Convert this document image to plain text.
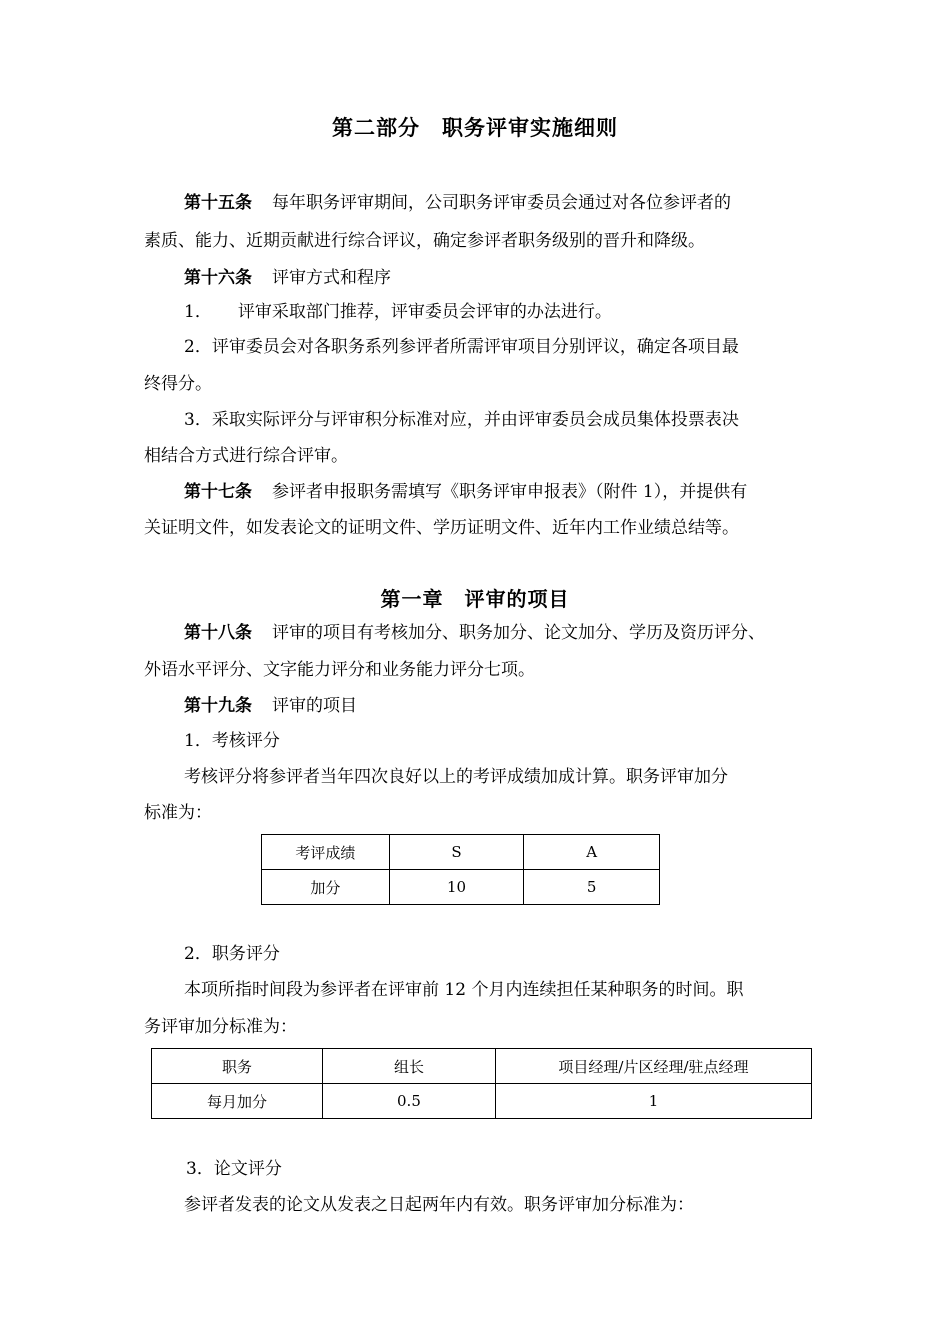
第二部分　职务评审实施细则
第十五条 每年职务评审期间，公司职务评审委员会通过对各位参评者的
素质、能力、近期贡献进行综合评议，确定参评者职务级别的晋升和降级。
第十六条 评审方式和程序
1． 评审采取部门推荐，评审委员会评审的办法进行。
2．评审委员会对各职务系列参评者所需评审项目分别评议，确定各项目最
终得分。
3．采取实际评分与评审积分标准对应，并由评审委员会成员集体投票表决
相结合方式进行综合评审。
第十七条 参评者申报职务需填写《职务评审申报表》（附件 1），并提供有
关证明文件，如发表论文的证明文件、学历证明文件、近年内工作业绩总结等。
第一章　评审的项目
第十八条 评审的项目有考核加分、职务加分、论文加分、学历及资历评分、
外语水平评分、文字能力评分和业务能力评分七项。
第十九条 评审的项目
1．考核评分
考核评分将参评者当年四次良好以上的考评成绩加成计算。职务评审加分
标准为：
考评成绩	S	A
加分	10	5
2．职务评分
本项所指时间段为参评者在评审前 12 个月内连续担任某种职务的时间。职
务评审加分标准为：
职务	组长	项目经理/片区经理/驻点经理
每月加分	0.5	1
3．论文评分
参评者发表的论文从发表之日起两年内有效。职务评审加分标准为：
